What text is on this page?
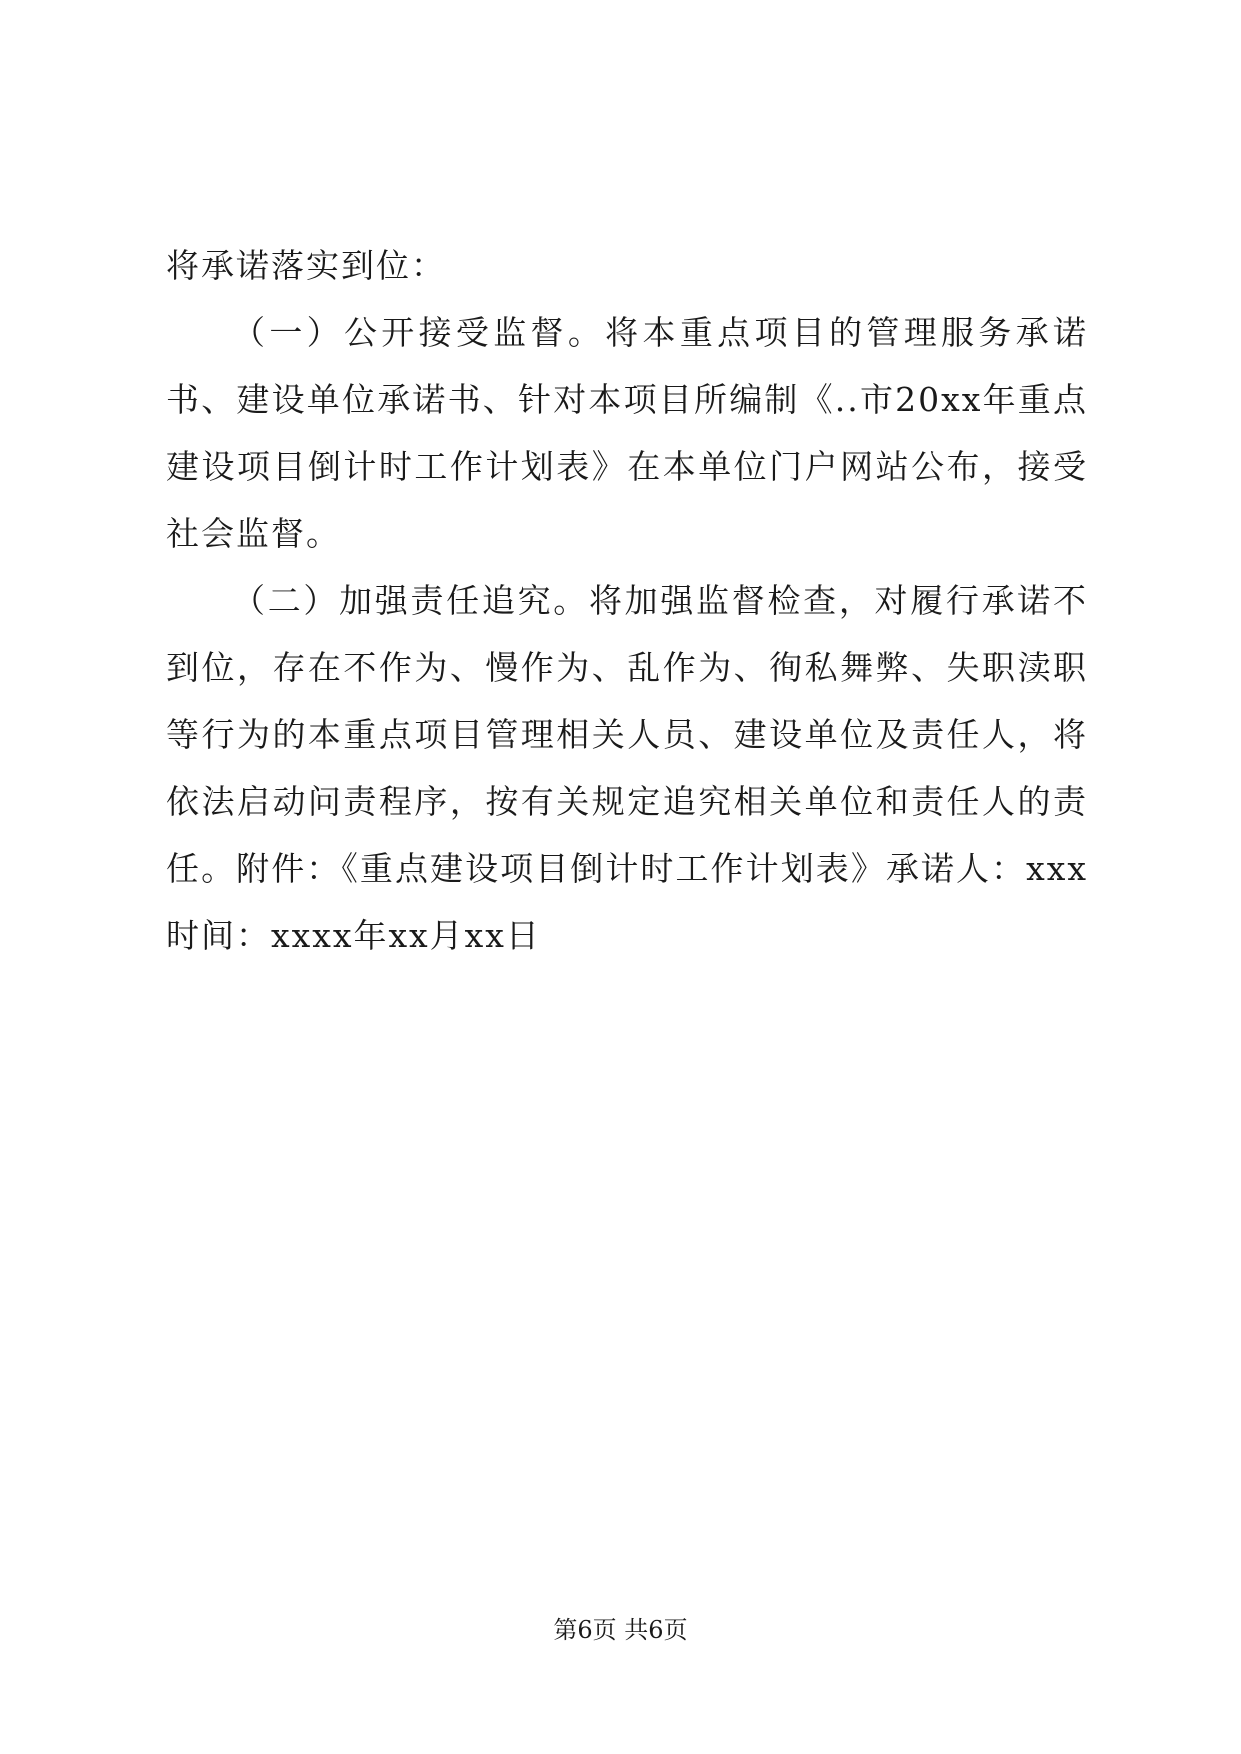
将承诺落实到位：

（一）公开接受监督。将本重点项目的管理服务承诺书、建设单位承诺书、针对本项目所编制《..市20xx年重点建设项目倒计时工作计划表》在本单位门户网站公布，接受社会监督。

（二）加强责任追究。将加强监督检查，对履行承诺不到位，存在不作为、慢作为、乱作为、徇私舞弊、失职渎职等行为的本重点项目管理相关人员、建设单位及责任人，将依法启动问责程序，按有关规定追究相关单位和责任人的责任。附件：《重点建设项目倒计时工作计划表》承诺人：xxx时间：xxxx年xx月xx日

第6页 共6页
